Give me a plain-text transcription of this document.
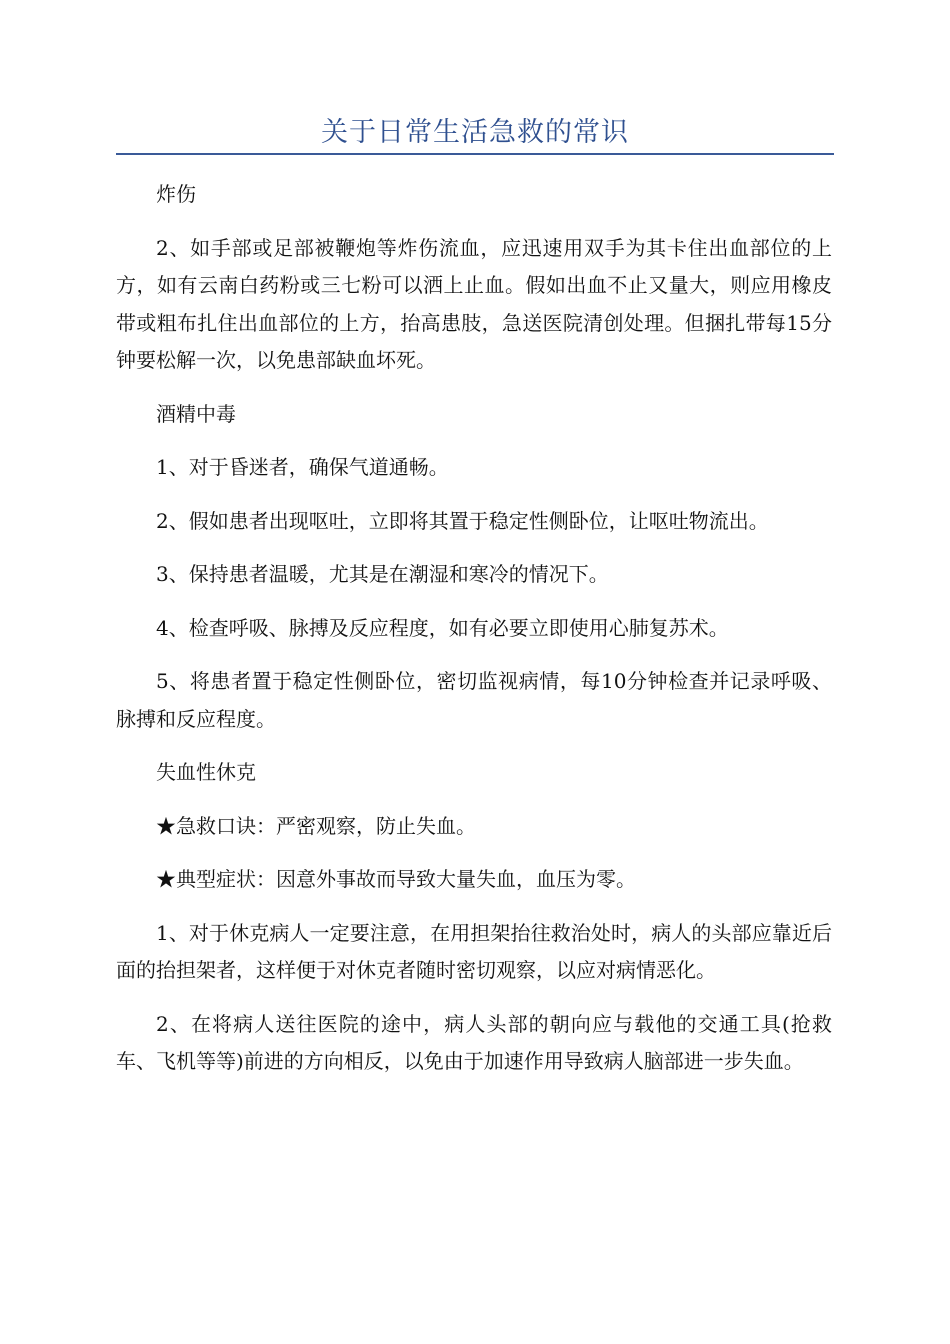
关于日常生活急救的常识

炸伤

2、如手部或足部被鞭炮等炸伤流血，应迅速用双手为其卡住出血部位的上方，如有云南白药粉或三七粉可以洒上止血。假如出血不止又量大，则应用橡皮带或粗布扎住出血部位的上方，抬高患肢，急送医院清创处理。但捆扎带每15分钟要松解一次，以免患部缺血坏死。

酒精中毒

1、对于昏迷者，确保气道通畅。

2、假如患者出现呕吐，立即将其置于稳定性侧卧位，让呕吐物流出。

3、保持患者温暖，尤其是在潮湿和寒冷的情况下。

4、检查呼吸、脉搏及反应程度，如有必要立即使用心肺复苏术。

5、将患者置于稳定性侧卧位，密切监视病情，每10分钟检查并记录呼吸、脉搏和反应程度。

失血性休克

★急救口诀：严密观察，防止失血。

★典型症状：因意外事故而导致大量失血，血压为零。

1、对于休克病人一定要注意，在用担架抬往救治处时，病人的头部应靠近后面的抬担架者，这样便于对休克者随时密切观察，以应对病情恶化。

2、在将病人送往医院的途中，病人头部的朝向应与载他的交通工具(抢救车、飞机等等)前进的方向相反，以免由于加速作用导致病人脑部进一步失血。
